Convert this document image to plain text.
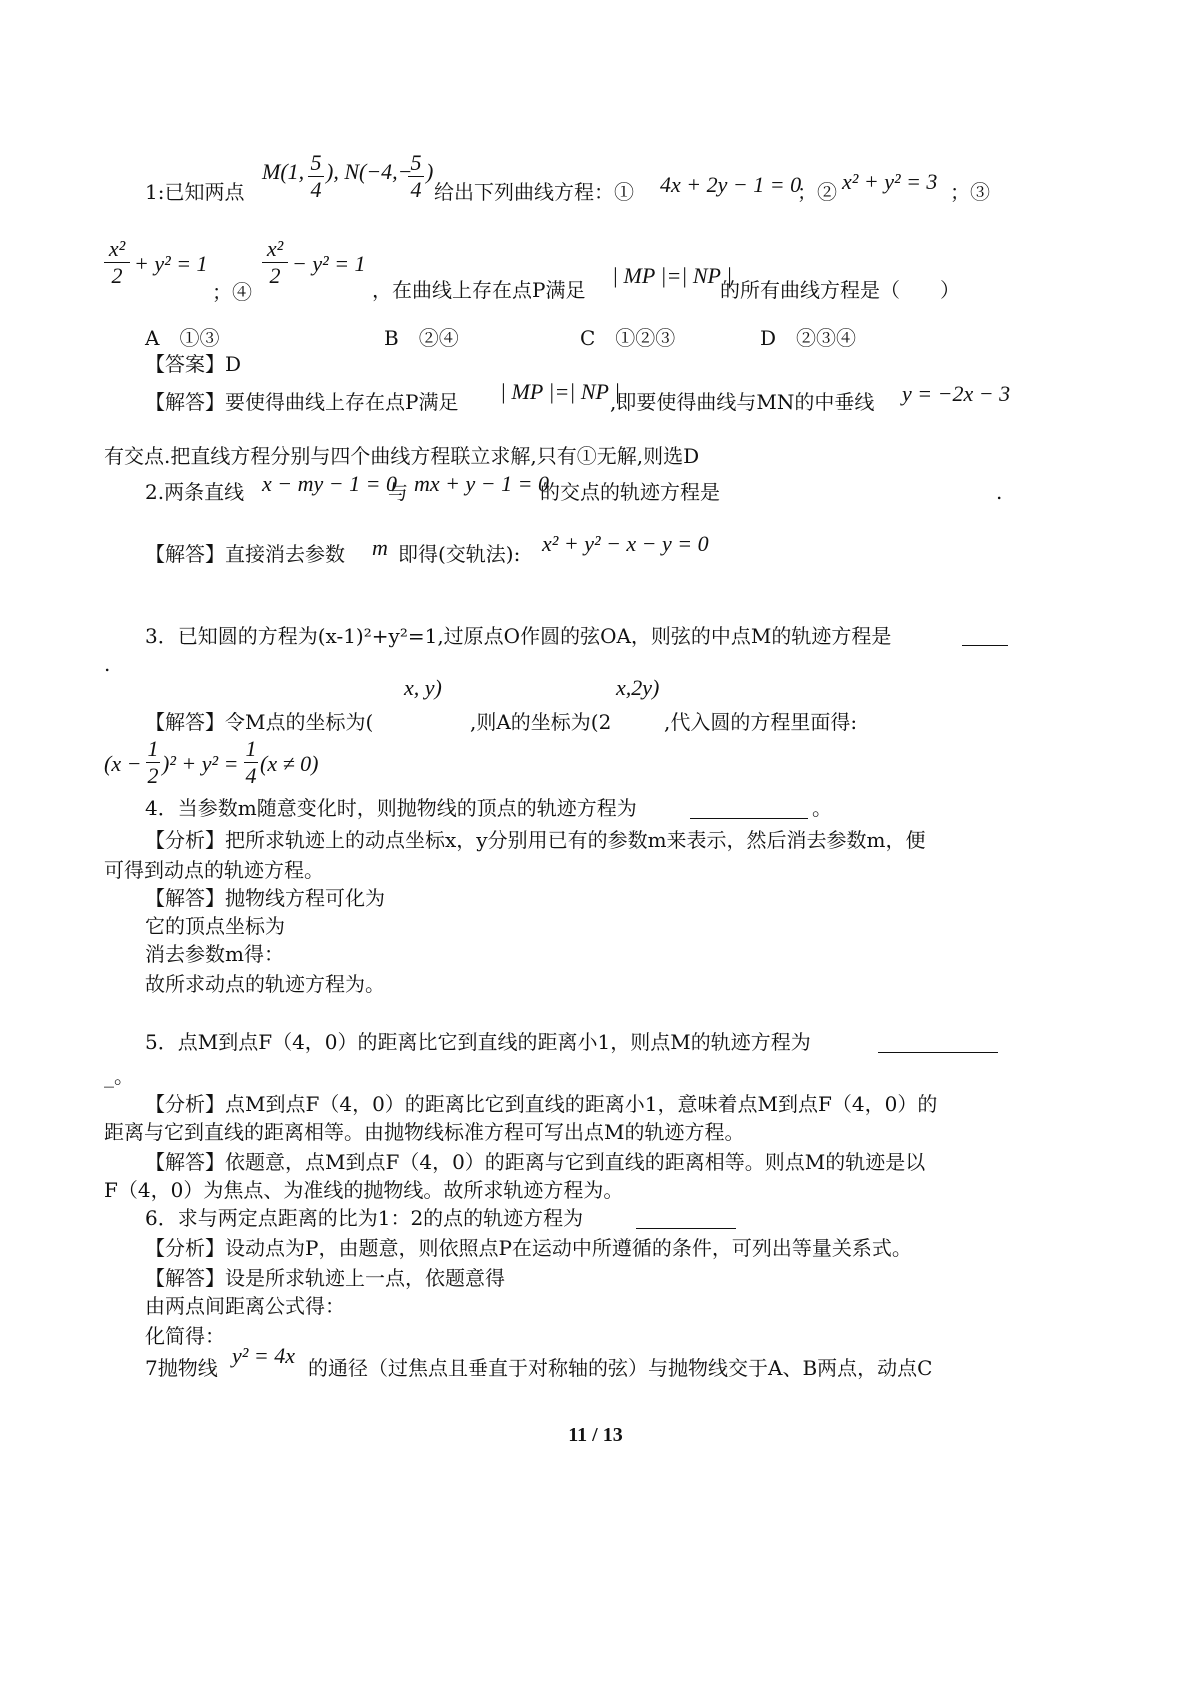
1:已知两点
M(1, 5
4
), N(−4,−
5
4
)
给出下列曲线方程：① 4x + 2y − 1 = 0
；② x² + y² = 3 ；③
x²
2 + y² = 1
；④
x²
2 − y² = 1
，在曲线上存在点P满足
| MP |=| NP |
的所有曲线方程是（　　）
A　①③	B　②④	C　①②③	D　②③④
【答案】D
【解答】要使得曲线上存在点P满足 | MP |=| NP |
,即要使得曲线与MN的中垂线 y = −2x − 3
有交点.把直线方程分别与四个曲线方程联立求解,只有①无解,则选D
2.两条直线 x − my − 1 = 0
与 mx + y − 1 = 0
的交点的轨迹方程是	.
【解答】直接消去参数 m 即得(交轨法): x² + y² − x − y = 0
3．已知圆的方程为(x-1)²+y²=1,过原点O作圆的弦OA，则弦的中点M的轨迹方程是
.
x, y)	x,2y)
【解答】令M点的坐标为(	,则A的坐标为(2	,代入圆的方程里面得:
(x −
1
2 )² + y² =
1
4 (x ≠ 0)
4．当参数m随意变化时，则抛物线的顶点的轨迹方程为	。
【分析】把所求轨迹上的动点坐标x，y分别用已有的参数m来表示，然后消去参数m，便
可得到动点的轨迹方程。
【解答】抛物线方程可化为
它的顶点坐标为
消去参数m得：
故所求动点的轨迹方程为。
5．点M到点F（4，0）的距离比它到直线的距离小1，则点M的轨迹方程为
_。
【分析】点M到点F（4，0）的距离比它到直线的距离小1，意味着点M到点F（4，0）的
距离与它到直线的距离相等。由抛物线标准方程可写出点M的轨迹方程。
【解答】依题意，点M到点F（4，0）的距离与它到直线的距离相等。则点M的轨迹是以
F（4，0）为焦点、为准线的抛物线。故所求轨迹方程为。
6．求与两定点距离的比为1：2的点的轨迹方程为
【分析】设动点为P，由题意，则依照点P在运动中所遵循的条件，可列出等量关系式。
【解答】设是所求轨迹上一点，依题意得
由两点间距离公式得：
化简得：
7抛物线 y² = 4x 的通径（过焦点且垂直于对称轴的弦）与抛物线交于A、B两点，动点C
11 / 13
